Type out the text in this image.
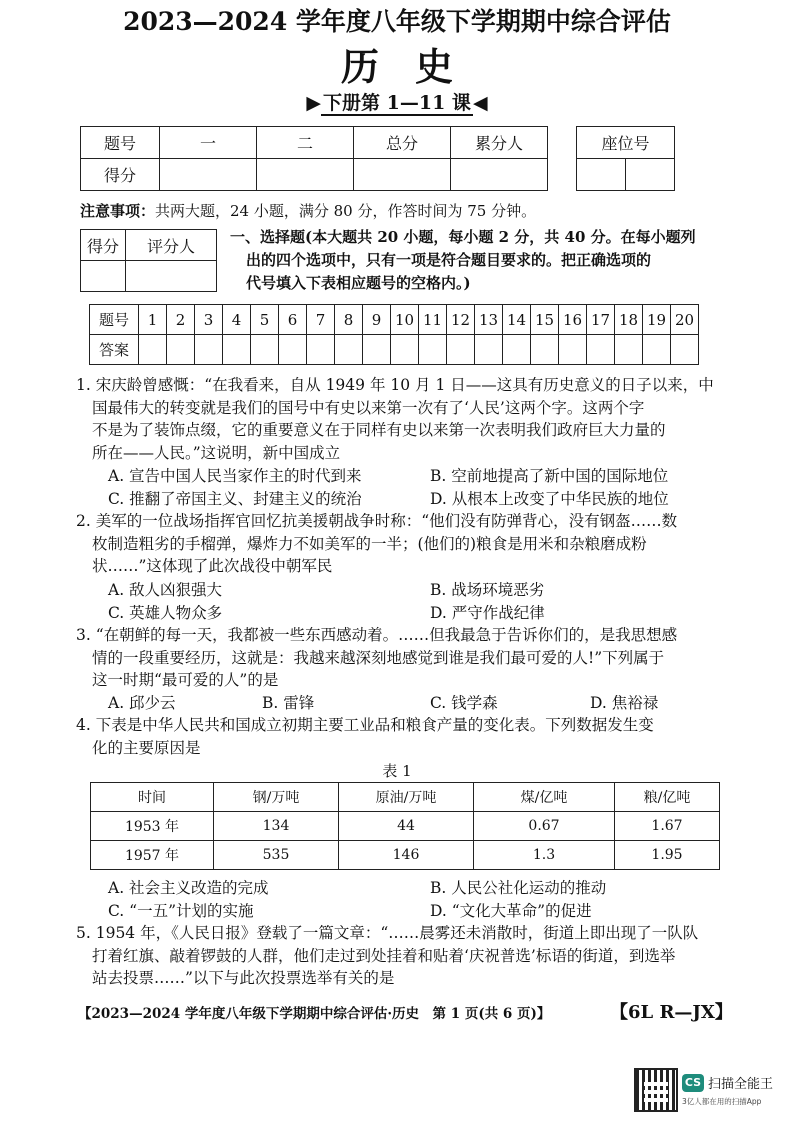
2023—2024 学年度八年级下学期期中综合评估
历史
▶ 下册第 1—11 课 ◀
题号	一	二	总分	累分人
得分				
座位号

注意事项：共两大题，24 小题，满分 80 分，作答时间为 75 分钟。
得分	评分人
	一、选择题(本大题共 20 小题，每小题 2 分，共 40 分。在每小题列
出的四个选项中，只有一项是符合题目要求的。把正确选项的
代号填入下表相应题号的空格内。)
题号	1	2	3	4	5	6	7	8	9	10	11	12	13	14	15	16	17	18	19	20
答案																				
1. 宋庆龄曾感慨：“在我看来，自从 1949 年 10 月 1 日——这具有历史意义的日子以来，中
国最伟大的转变就是我们的国号中有史以来第一次有了‘人民’这两个字。这两个字
不是为了装饰点缀，它的重要意义在于同样有史以来第一次表明我们政府巨大力量的
所在——人民。”这说明，新中国成立
A. 宣告中国人民当家作主的时代到来	B. 空前地提高了新中国的国际地位
C. 推翻了帝国主义、封建主义的统治	D. 从根本上改变了中华民族的地位
2. 美军的一位战场指挥官回忆抗美援朝战争时称：“他们没有防弹背心，没有钢盔……数
枚制造粗劣的手榴弹，爆炸力不如美军的一半；(他们的)粮食是用米和杂粮磨成粉
状……”这体现了此次战役中朝军民
A. 敌人凶狠强大	B. 战场环境恶劣
C. 英雄人物众多	D. 严守作战纪律
3. “在朝鲜的每一天，我都被一些东西感动着。……但我最急于告诉你们的，是我思想感
情的一段重要经历，这就是：我越来越深刻地感觉到谁是我们最可爱的人!”下列属于
这一时期“最可爱的人”的是
A. 邱少云	B. 雷锋	C. 钱学森	D. 焦裕禄
4. 下表是中华人民共和国成立初期主要工业品和粮食产量的变化表。下列数据发生变
化的主要原因是
表 1
时间	钢/万吨	原油/万吨	煤/亿吨	粮/亿吨
1953 年	134	44	0.67	1.67
1957 年	535	146	1.3	1.95
A. 社会主义改造的完成	B. 人民公社化运动的推动
C. “一五”计划的实施	D. “文化大革命”的促进
5. 1954 年，《人民日报》登载了一篇文章：“……晨雾还未消散时，街道上即出现了一队队
打着红旗、敲着锣鼓的人群，他们走过到处挂着和贴着‘庆祝普选’标语的街道，到选举
站去投票……”以下与此次投票选举有关的是
【2023—2024 学年度八年级下学期期中综合评估·历史　第 1 页(共 6 页)】	【6L R—JX】
CS 扫描全能王
3亿人都在用的扫描App
